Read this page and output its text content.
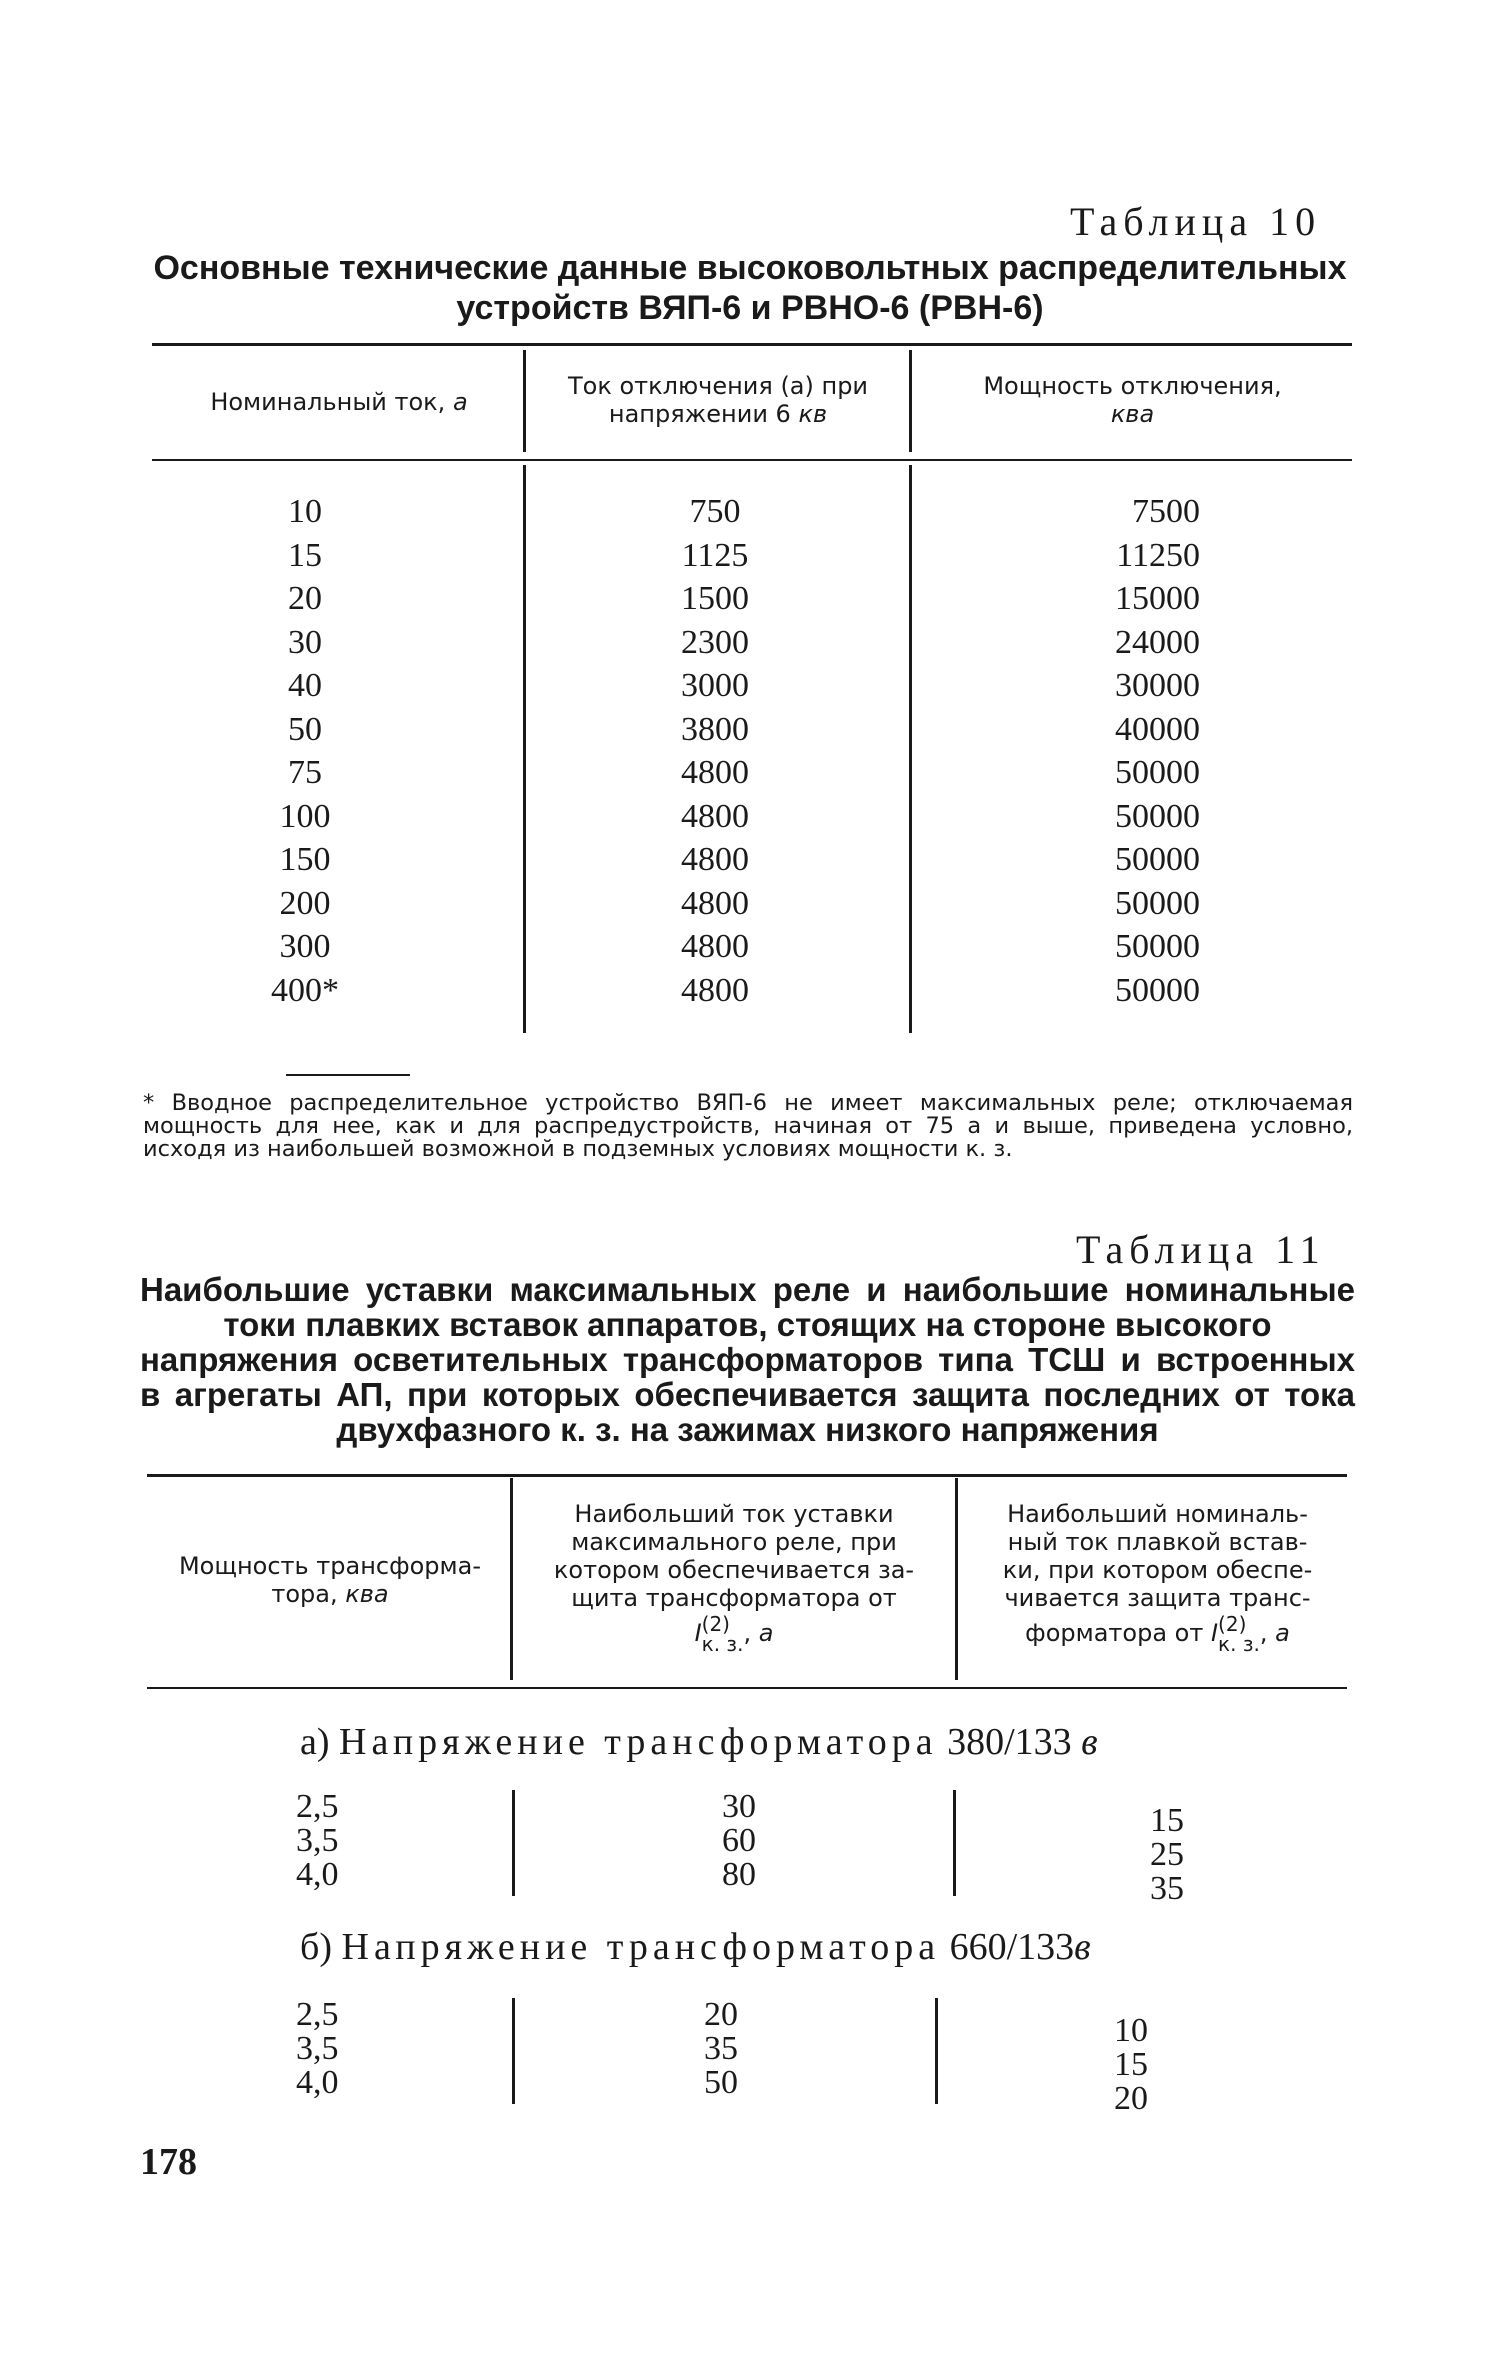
Таблица 10
Основные технические данные высоковольтных распределительных
устройств ВЯП-6 и РВНО-6 (РВН-6)
Номинальный ток, а
Ток отключения (а) при
напряжении 6 кв
Мощность отключения,
ква
10
15
20
30
40
50
75
100
150
200
300
400*
750
1125
1500
2300
3000
3800
4800
4800
4800
4800
4800
4800
7500
11250
15000
24000
30000
40000
50000
50000
50000
50000
50000
50000
* Вводное распределительное устройство ВЯП-6 не имеет максимальных реле; отключаемая мощность для нее, как и для распредустройств, начиная от 75 а и выше, приведена условно, исходя из наибольшей возможной в подземных условиях мощности к. з.
Таблица 11
Наибольшие уставки максимальных реле и наибольшие номинальные
токи плавких вставок аппаратов, стоящих на стороне высокого
напряжения осветительных трансформаторов типа ТСШ и встроенных
в агрегаты АП, при которых обеспечивается защита последних от тока
двухфазного к. з. на зажимах низкого напряжения
Мощность трансформа-
тора, ква
Наибольший ток уставки
максимального реле, при
котором обеспечивается за-
щита трансформатора от
I (2)
к. з. , а
Наибольший номиналь-
ный ток плавкой встав-
ки, при котором обеспе-
чивается защита транс-
форматора от I (2)
к. з. , а
а) Напряжение трансформатора 380/133 в
2,5
3,5
4,0
30
60
80
15
25
35
б) Напряжение трансформатора 660/133в
2,5
3,5
4,0
20
35
50
10
15
20
178
